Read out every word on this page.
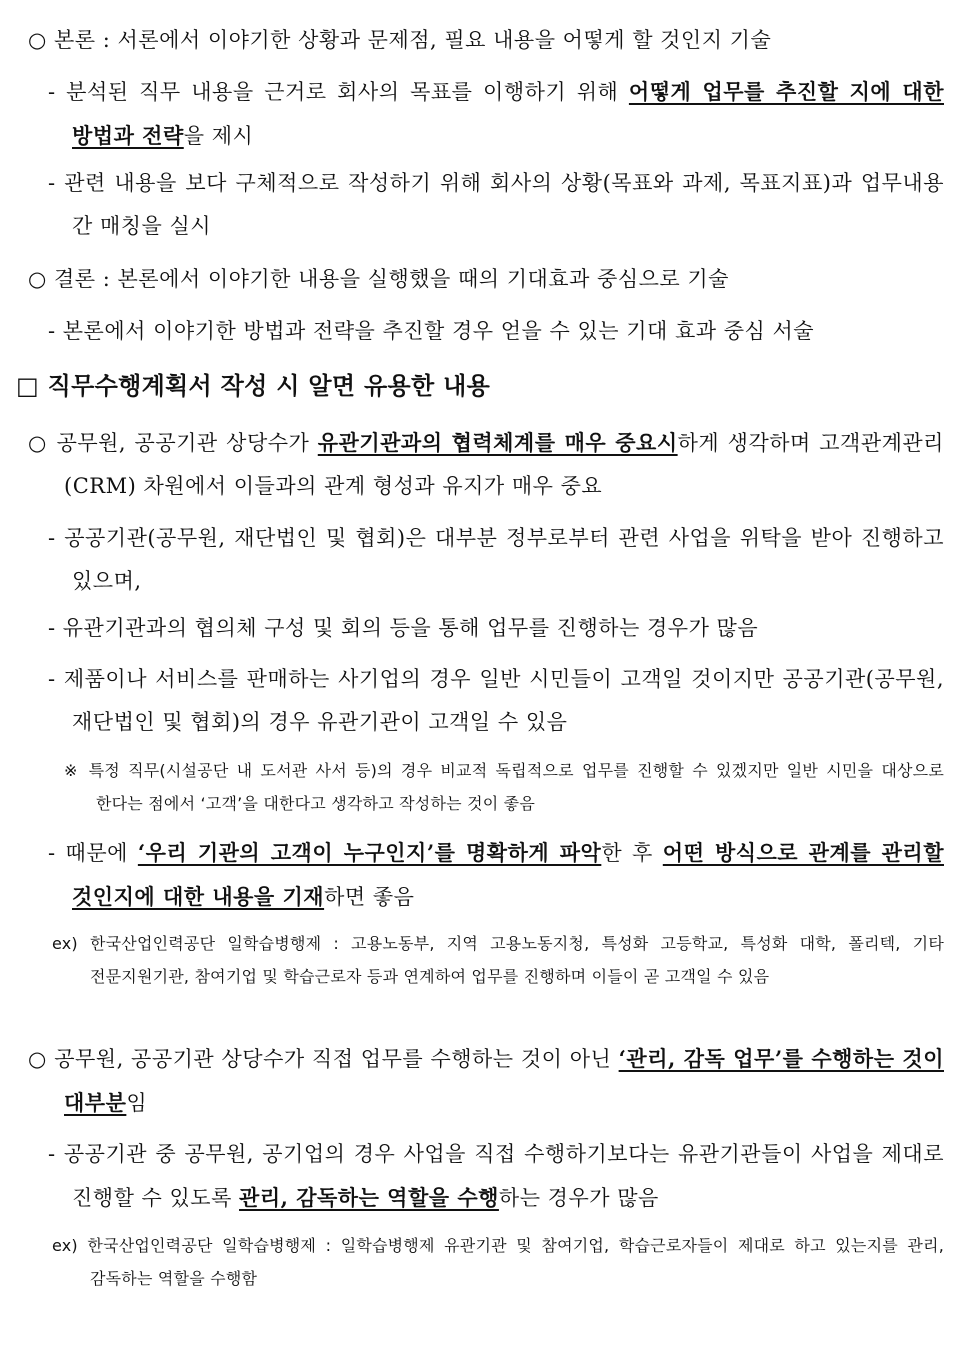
○ 본론 : 서론에서 이야기한 상황과 문제점, 필요 내용을 어떻게 할 것인지 기술

- 분석된 직무 내용을 근거로 회사의 목표를 이행하기 위해 어떻게 업무를 추진할 지에 대한 방법과 전략을 제시

- 관련 내용을 보다 구체적으로 작성하기 위해 회사의 상황(목표와 과제, 목표지표)과 업무내용 간 매칭을 실시

○ 결론 : 본론에서 이야기한 내용을 실행했을 때의 기대효과 중심으로 기술

- 본론에서 이야기한 방법과 전략을 추진할 경우 얻을 수 있는 기대 효과 중심 서술

□ 직무수행계획서 작성 시 알면 유용한 내용

○ 공무원, 공공기관 상당수가 유관기관과의 협력체계를 매우 중요시하게 생각하며 고객관계관리(CRM) 차원에서 이들과의 관계 형성과 유지가 매우 중요

- 공공기관(공무원, 재단법인 및 협회)은 대부분 정부로부터 관련 사업을 위탁을 받아 진행하고 있으며,

- 유관기관과의 협의체 구성 및 회의 등을 통해 업무를 진행하는 경우가 많음

- 제품이나 서비스를 판매하는 사기업의 경우 일반 시민들이 고객일 것이지만 공공기관(공무원, 재단법인 및 협회)의 경우 유관기관이 고객일 수 있음

※ 특정 직무(시설공단 내 도서관 사서 등)의 경우 비교적 독립적으로 업무를 진행할 수 있겠지만 일반 시민을 대상으로 한다는 점에서 ‘고객’을 대한다고 생각하고 작성하는 것이 좋음

- 때문에 ‘우리 기관의 고객이 누구인지’를 명확하게 파악한 후 어떤 방식으로 관계를 관리할 것인지에 대한 내용을 기재하면 좋음

ex) 한국산업인력공단 일학습병행제 : 고용노동부, 지역 고용노동지청, 특성화 고등학교, 특성화 대학, 폴리텍, 기타 전문지원기관, 참여기업 및 학습근로자 등과 연계하여 업무를 진행하며 이들이 곧 고객일 수 있음

○ 공무원, 공공기관 상당수가 직접 업무를 수행하는 것이 아닌 ‘관리, 감독 업무’를 수행하는 것이 대부분임

- 공공기관 중 공무원, 공기업의 경우 사업을 직접 수행하기보다는 유관기관들이 사업을 제대로 진행할 수 있도록 관리, 감독하는 역할을 수행하는 경우가 많음

ex) 한국산업인력공단 일학습병행제 : 일학습병행제 유관기관 및 참여기업, 학습근로자들이 제대로 하고 있는지를 관리, 감독하는 역할을 수행함
